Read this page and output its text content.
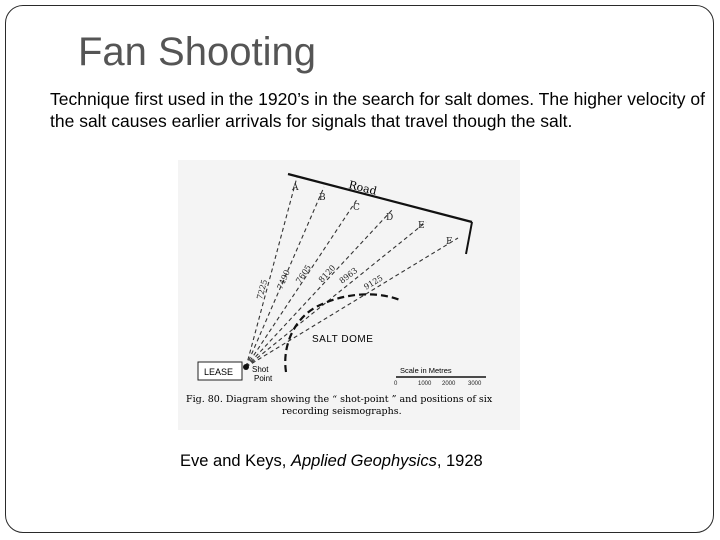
Fan Shooting
Technique first used in the 1920’s in the search for salt domes. The higher velocity of the salt causes earlier arrivals for signals that travel though the salt.
Road
A
B
C
D
E
F
7225 7490 7605 8120 8963 9125
SALT DOME
LEASE Shot
Point
Scale in Metres
0	1000 2000 3000
Fig. 80. Diagram showing the “ shot-point ” and positions of six
recording seismographs.
Eve and Keys, Applied Geophysics, 1928
